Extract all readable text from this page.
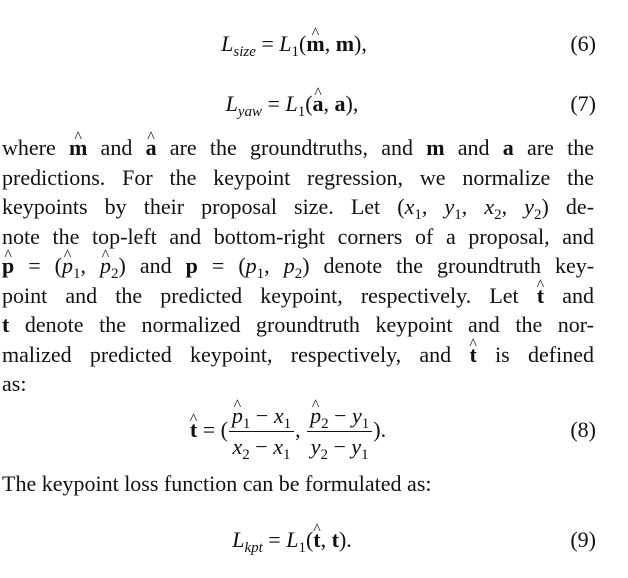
$L_{size}$ = $L_1(\^{}$ m, m),	(6)
$L_{yaw}$ = $L_1(\^{}$ a, a),	(7)
where ^ m and ^ a are the groundtruths, and m and a are the
predictions. For the keypoint regression, we normalize the
keypoints by their proposal size. Let ($x_1$, $y_1$, $x_2$, $y_2$) de-
note the top-left and bottom-right corners of a proposal, and
^ p = (^ $p_1$, ^ $p_2$) and $p = (p_1$, $p_2$) denote the groundtruth key-
point and the predicted keypoint, respectively. Let ^ t and
t denote the normalized groundtruth keypoint and the nor-
malized predicted keypoint, respectively, and ^ t is defined
as:
^ t = ( ^ $\frac{p_1 - x_1}{x_2 - x_1}$ , ^ $\frac{p_2 - y_1}{y_2 - y_1}$ ).	(8)
The keypoint loss function can be formulated as:
$L_{kpt}$ = $L_1(\^{}$ t, t).	(9)
